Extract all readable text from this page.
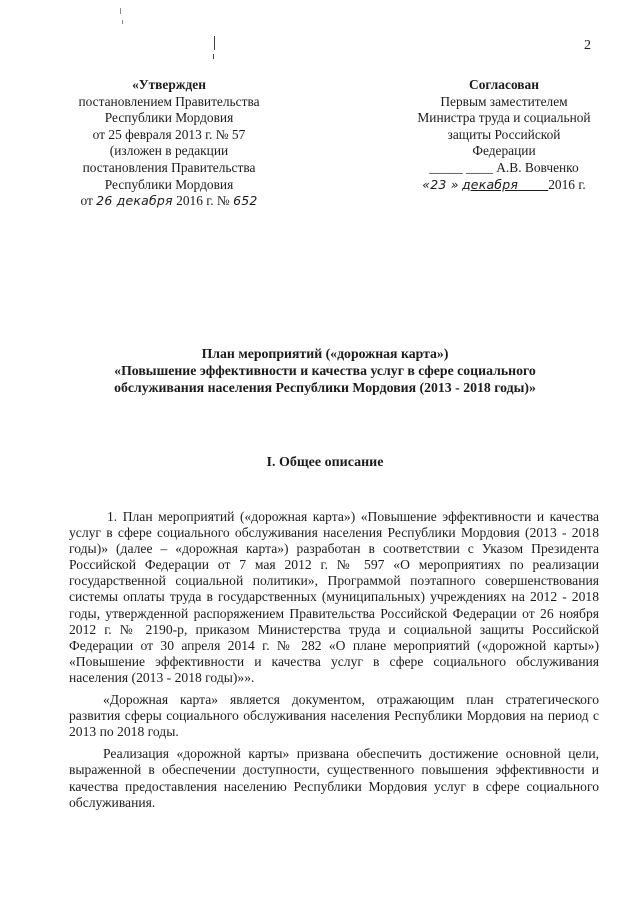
2
«Утвержден
постановлением Правительства
Республики Мордовия
от 25 февраля 2013 г. № 57
(изложен в редакции
постановления Правительства
Республики Мордовия
от 26 декабря 2016 г. № 652
Согласован
Первым заместителем
Министра труда и социальной
защиты Российской
Федерации
_____ ____ А.В. Вовченко
«23 » декабря 2016 г.
План мероприятий («дорожная карта»)
«Повышение эффективности и качества услуг в сфере социального
обслуживания населения Республики Мордовия (2013 - 2018 годы)»
I. Общее описание

1. План мероприятий («дорожная карта») «Повышение эффективности и качества услуг в сфере социального обслуживания населения Республики Мордовия (2013 - 2018 годы)» (далее – «дорожная карта») разработан в соответствии с Указом Президента Российской Федерации от 7 мая 2012 г. № 597 «О мероприятиях по реализации государственной социальной политики», Программой поэтапного совершенствования системы оплаты труда в государственных (муниципальных) учреждениях на 2012 - 2018 годы, утвержденной распоряжением Правительства Российской Федерации от 26 ноября 2012 г. № 2190-р, приказом Министерства труда и социальной защиты Российской Федерации от 30 апреля 2014 г. № 282 «О плане мероприятий («дорожной карты») «Повышение эффективности и качества услуг в сфере социального обслуживания населения (2013 - 2018 годы)»».

«Дорожная карта» является документом, отражающим план стратегического развития сферы социального обслуживания населения Республики Мордовия на период с 2013 по 2018 годы.

Реализация «дорожной карты» призвана обеспечить достижение основной цели, выраженной в обеспечении доступности, существенного повышения эффективности и качества предоставления населению Республики Мордовия услуг в сфере социального обслуживания.
